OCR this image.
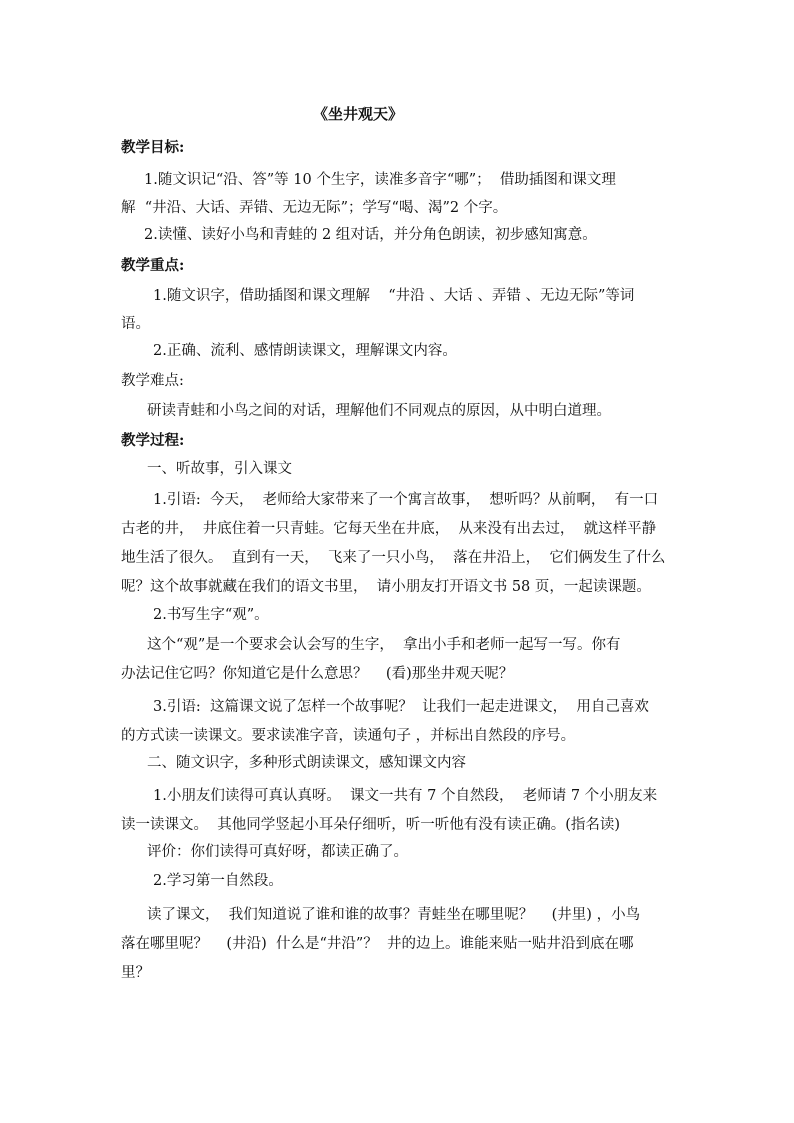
《坐井观天》
教学目标:
1.随文识记“沿、答”等 10 个生字，读准多音字“哪”；  借助插图和课文理
解  “井沿、大话、弄错、无边无际”；学写“喝、渴”2 个字。
2.读懂、读好小鸟和青蛙的 2 组对话，并分角色朗读，初步感知寓意。
教学重点:
1.随文识字，借助插图和课文理解    “井沿 、大话 、弄错 、无边无际”等词
语。
2.正确、流利、感情朗读课文，理解课文内容。
教学难点:
研读青蛙和小鸟之间的对话，理解他们不同观点的原因，从中明白道理。
教学过程:
一、听故事，引入课文
1.引语:  今天，  老师给大家带来了一个寓言故事，  想听吗？从前啊，  有一口
古老的井，  井底住着一只青蛙。它每天坐在井底，  从来没有出去过，  就这样平静
地生活了很久。  直到有一天，  飞来了一只小鸟，  落在井沿上，  它们俩发生了什么
呢？这个故事就藏在我们的语文书里，  请小朋友打开语文书 58 页，一起读课题。
2.书写生字“观”。
这个“观”是一个要求会认会写的生字，  拿出小手和老师一起写一写。你有
办法记住它吗？你知道它是什么意思？    (看)那坐井观天呢？
3.引语:  这篇课文说了怎样一个故事呢？  让我们一起走进课文，  用自己喜欢
的方式读一读课文。要求读准字音，读通句子 ，并标出自然段的序号。
二、随文识字，多种形式朗读课文，感知课文内容
1.小朋友们读得可真认真呀。  课文一共有 7 个自然段，  老师请 7 个小朋友来
读一读课文。  其他同学竖起小耳朵仔细听，听一听他有没有读正确。(指名读)
评价：你们读得可真好呀，都读正确了。
2.学习第一自然段。
读了课文，  我们知道说了谁和谁的故事？青蛙坐在哪里呢？    (井里) ，小鸟
落在哪里呢？    (井沿)  什么是“井沿”？  井的边上。谁能来贴一贴井沿到底在哪
里？
